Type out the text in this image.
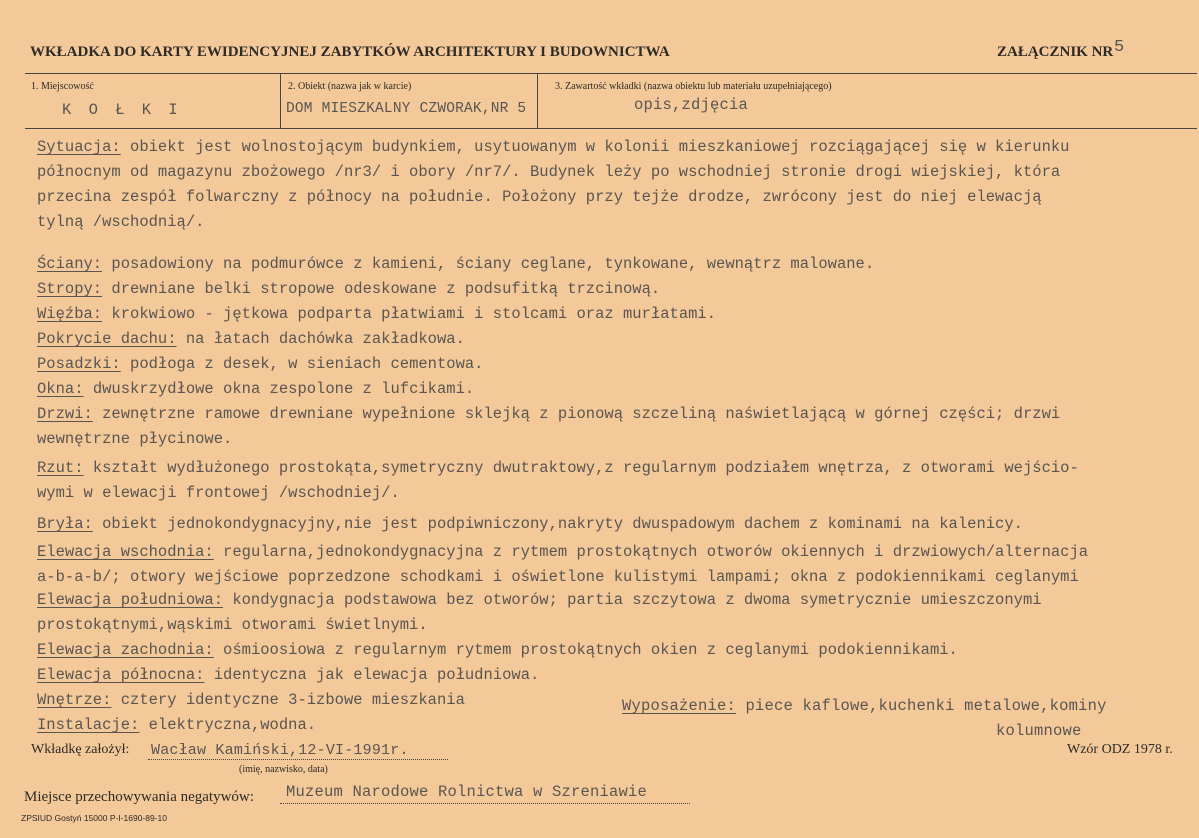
WKŁADKA DO KARTY EWIDENCYJNEJ ZABYTKÓW ARCHITEKTURY I BUDOWNICTWA	ZAŁĄCZNIK NR 5
1. Miejscowość
K O Ł K I
2. Obiekt (nazwa jak w karcie)
DOM MIESZKALNY CZWORAK,NR 5
3. Zawartość wkładki (nazwa obiektu lub materiału uzupełniającego)
opis,zdjęcia
Sytuacja: obiekt jest wolnostojącym budynkiem, usytuowanym w kolonii mieszkaniowej rozciągającej się w kierunku
północnym od magazynu zbożowego /nr3/ i obory /nr7/. Budynek leży po wschodniej stronie drogi wiejskiej, która
przecina zespół folwarczny z północy na południe. Położony przy tejże drodze, zwrócony jest do niej elewacją
tylną /wschodnią/.
Ściany: posadowiony na podmurówce z kamieni, ściany ceglane, tynkowane, wewnątrz malowane.
Stropy: drewniane belki stropowe odeskowane z podsufitką trzcinową.
Więźba: krokwiowo - jętkowa podparta płatwiami i stolcami oraz murłatami.
Pokrycie dachu: na łatach dachówka zakładkowa.
Posadzki: podłoga z desek, w sieniach cementowa.
Okna: dwuskrzydłowe okna zespolone z lufcikami.
Drzwi: zewnętrzne ramowe drewniane wypełnione sklejką z pionową szczeliną naświetlającą w górnej części; drzwi
wewnętrzne płycinowe.
Rzut: kształt wydłużonego prostokąta,symetryczny dwutraktowy,z regularnym podziałem wnętrza, z otworami wejścio-
wymi w elewacji frontowej /wschodniej/.
Bryła: obiekt jednokondygnacyjny,nie jest podpiwniczony,nakryty dwuspadowym dachem z kominami na kalenicy.
Elewacja wschodnia: regularna,jednokondygnacyjna z rytmem prostokątnych otworów okiennych i drzwiowych/alternacja
a-b-a-b/; otwory wejściowe poprzedzone schodkami i oświetlone kulistymi lampami; okna z podokiennikami ceglanymi
Elewacja południowa: kondygnacja podstawowa bez otworów; partia szczytowa z dwoma symetrycznie umieszczonymi
prostokątnymi,wąskimi otworami świetlnymi.
Elewacja zachodnia: ośmioosiowa z regularnym rytmem prostokątnych okien z ceglanymi podokiennikami.
Elewacja północna: identyczna jak elewacja południowa.
Wnętrze: cztery identyczne 3-izbowe mieszkania
Instalacje: elektryczna,wodna.
Wyposażenie: piece kaflowe,kuchenki metalowe,kominy
kolumnowe
Wkładkę założył: Wacław Kamiński,12-VI-1991r.
(imię, nazwisko, data)
Wzór ODZ 1978 r.
Miejsce przechowywania negatywów: Muzeum Narodowe Rolnictwa w Szreniawie
ZPSIUD Gostyń 15000 P-I-1690-89-10
